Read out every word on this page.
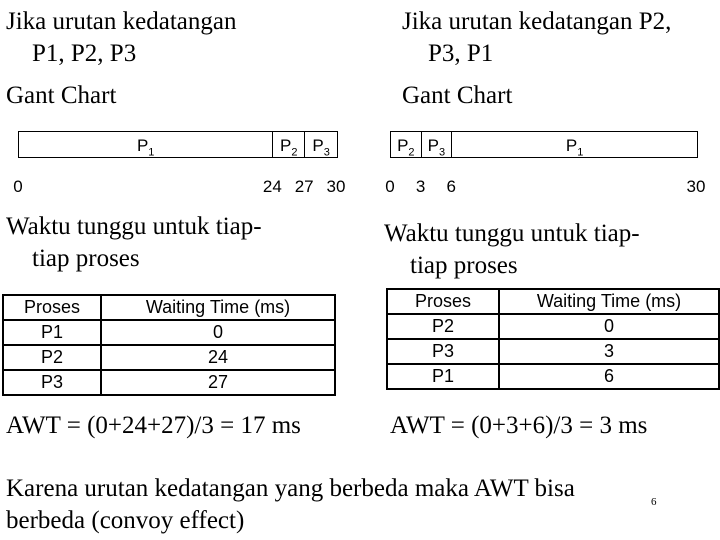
Jika urutan kedatangan
P1, P2, P3
Gant Chart
$P_1$	$P_2$ $P_3$
0	24 27 30
Waktu tunggu untuk tiap-
tiap proses
Proses	Waiting Time (ms)
P1	0
P2	24
P3	27
AWT = (0+24+27)/3 = 17 ms
Jika urutan kedatangan P2,
P3, P1
Gant Chart
$P_2$ $P_3$	$P_1$
0 3 6	30
Waktu tunggu untuk tiap-
tiap proses
Proses	Waiting Time (ms)
P2	0
P3	3
P1	6
AWT = (0+3+6)/3 = 3 ms
Karena urutan kedatangan yang berbeda maka AWT bisa
berbeda (convoy effect)
6
